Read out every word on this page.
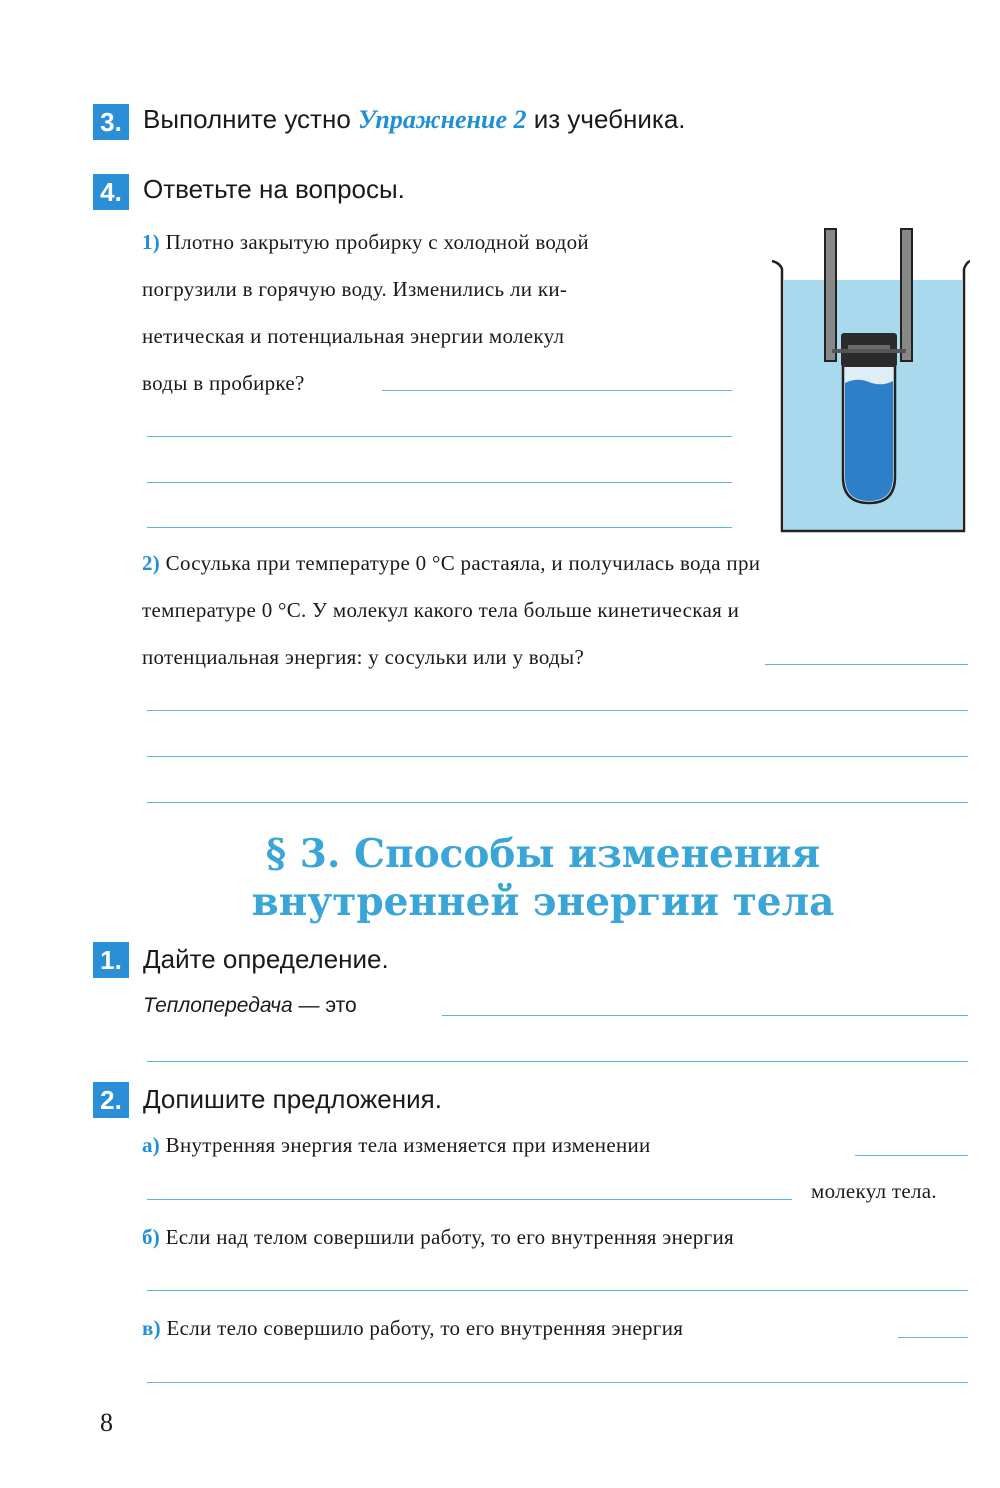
3. Выполните устно Упражнение 2 из учебника.
4. Ответьте на вопросы.
1) Плотно закрытую пробирку с холодной водой
погрузили в горячую воду. Изменились ли ки-
нетическая и потенциальная энергии молекул
воды в пробирке?
2) Сосулька при температуре 0 °С растаяла, и получилась вода при
температуре 0 °С. У молекул какого тела больше кинетическая и
потенциальная энергия: у сосульки или у воды?
§ 3. Способы изменения
внутренней энергии тела
1. Дайте определение.
Теплопередача — это
2. Допишите предложения.
а) Внутренняя энергия тела изменяется при изменении
молекул тела.
б) Если над телом совершили работу, то его внутренняя энергия
в) Если тело совершило работу, то его внутренняя энергия
8
